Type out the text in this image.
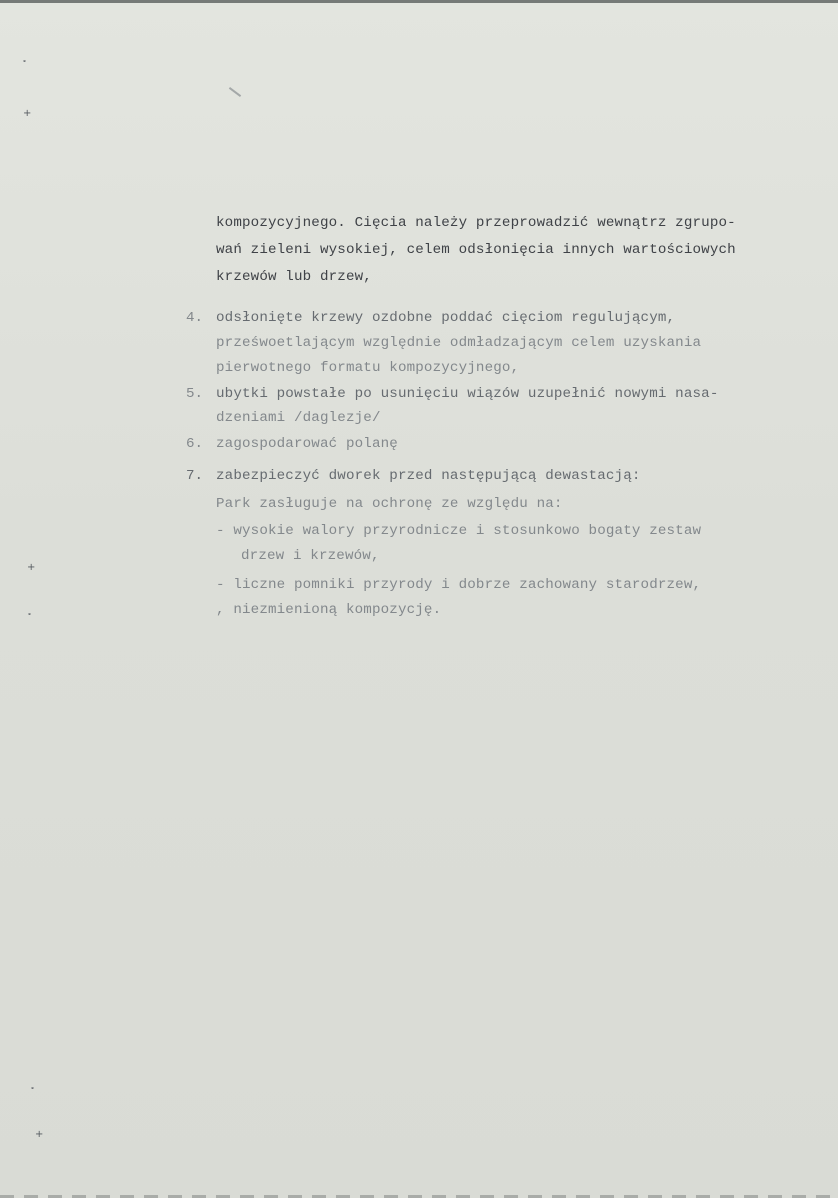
˟
+
+
˟
˟
+
kompozycyjnego. Cięcia należy przeprowadzić wewnątrz zgrupo-
wań zieleni wysokiej, celem odsłonięcia innych wartościowych
krzewów lub drzew,
4. odsłonięte krzewy ozdobne poddać cięciom regulującym,
prześwoetlającym względnie odmładzającym celem uzyskania
pierwotnego formatu kompozycyjnego,
5. ubytki powstałe po usunięciu wiązów uzupełnić nowymi nasa-
dzeniami /daglezje/
6. zagospodarować polanę
7. zabezpieczyć dworek przed następującą dewastacją:
Park zasługuje na ochronę ze względu na:
- wysokie walory przyrodnicze i stosunkowo bogaty zestaw
drzew i krzewów,
- liczne pomniki przyrody i dobrze zachowany starodrzew,
, niezmienioną kompozycję.
